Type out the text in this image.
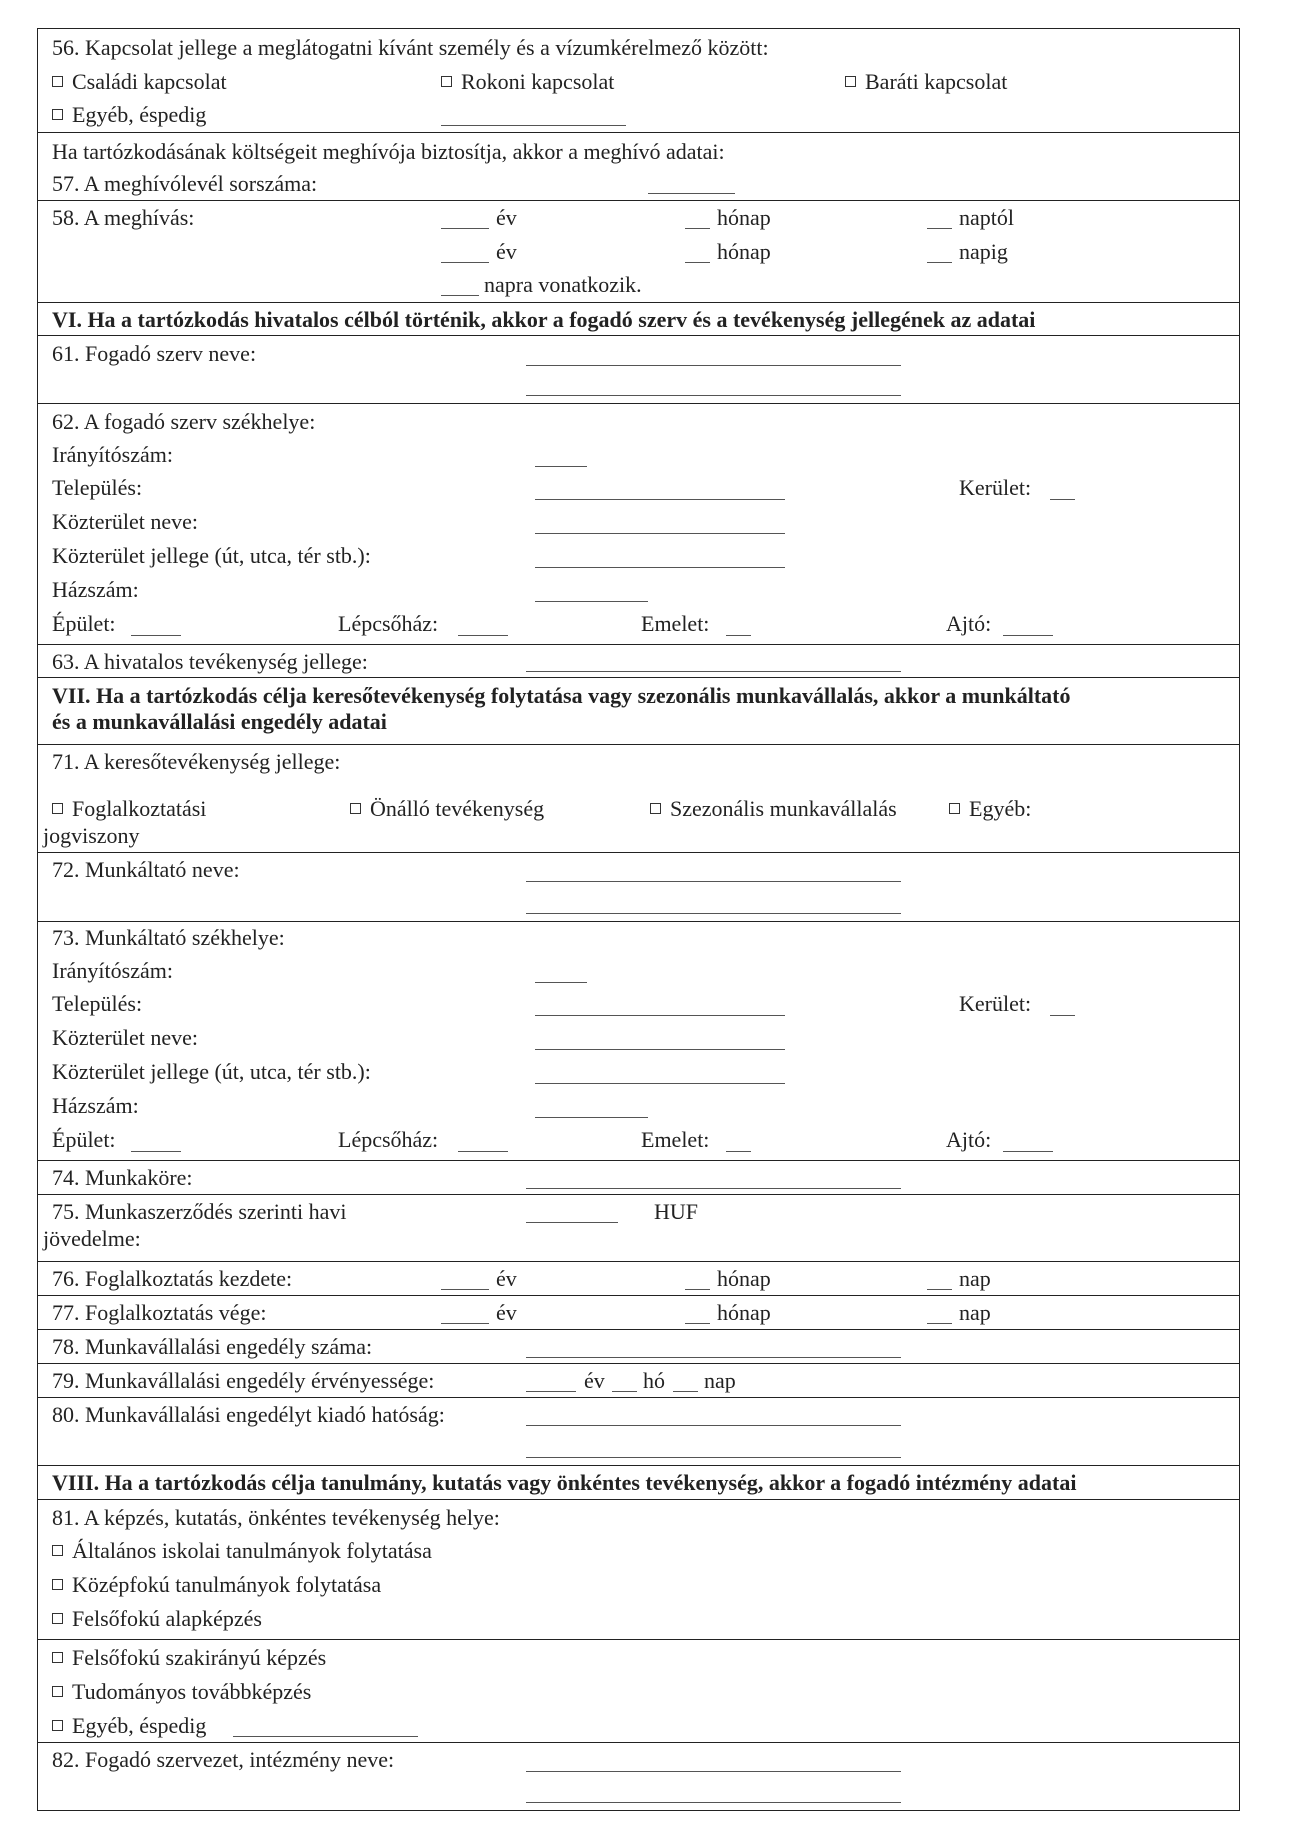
56. Kapcsolat jellege a meglátogatni kívánt személy és a vízumkérelmező között:
Családi kapcsolat	Rokoni kapcsolat	Baráti kapcsolat
Egyéb, éspedig
Ha tartózkodásának költségeit meghívója biztosítja, akkor a meghívó adatai:
57. A meghívólevél sorszáma:
58. A meghívás:	év	hónap	naptól
év	hónap	napig
napra vonatkozik.
VI. Ha a tartózkodás hivatalos célból történik, akkor a fogadó szerv és a tevékenység jellegének az adatai
61. Fogadó szerv neve:
62. A fogadó szerv székhelye:
Irányítószám:
Település:	Kerület:
Közterület neve:
Közterület jellege (út, utca, tér stb.):
Házszám:
Épület:	Lépcsőház:	Emelet:	Ajtó:
63. A hivatalos tevékenység jellege:
VII. Ha a tartózkodás célja keresőtevékenység folytatása vagy szezonális munkavállalás, akkor a munkáltató
és a munkavállalási engedély adatai
71. A keresőtevékenység jellege:
Foglalkoztatási
jogviszony
Önálló tevékenység	Szezonális munkavállalás	Egyéb:
72. Munkáltató neve:
73. Munkáltató székhelye:
Irányítószám:
Település:	Kerület:
Közterület neve:
Közterület jellege (út, utca, tér stb.):
Házszám:
Épület:	Lépcsőház:	Emelet:	Ajtó:
74. Munkaköre:
75. Munkaszerződés szerinti havi
jövedelme:
HUF
76. Foglalkoztatás kezdete:	év	hónap	nap
77. Foglalkoztatás vége:	év	hónap	nap
78. Munkavállalási engedély száma:
79. Munkavállalási engedély érvényessége:	év hó nap
80. Munkavállalási engedélyt kiadó hatóság:
VIII. Ha a tartózkodás célja tanulmány, kutatás vagy önkéntes tevékenység, akkor a fogadó intézmény adatai
81. A képzés, kutatás, önkéntes tevékenység helye:
Általános iskolai tanulmányok folytatása
Középfokú tanulmányok folytatása
Felsőfokú alapképzés
Felsőfokú szakirányú képzés
Tudományos továbbképzés
Egyéb, éspedig
82. Fogadó szervezet, intézmény neve:
